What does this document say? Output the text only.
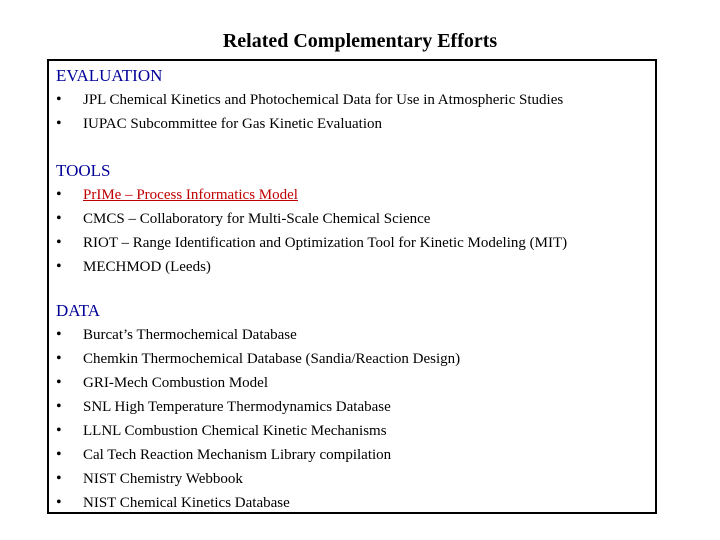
Related Complementary Efforts
EVALUATION
•	JPL Chemical Kinetics and Photochemical Data for Use in Atmospheric Studies
•	IUPAC Subcommittee for Gas Kinetic Evaluation
TOOLS
•	PrIMe – Process Informatics Model
•	CMCS – Collaboratory for Multi-Scale Chemical Science
•	RIOT – Range Identification and Optimization Tool for Kinetic Modeling (MIT)
•	MECHMOD (Leeds)
DATA
•	Burcat’s Thermochemical Database
•	Chemkin Thermochemical Database (Sandia/Reaction Design)
•	GRI-Mech Combustion Model
•	SNL High Temperature Thermodynamics Database
•	LLNL Combustion Chemical Kinetic Mechanisms
•	Cal Tech Reaction Mechanism Library compilation
•	NIST Chemistry Webbook
•	NIST Chemical Kinetics Database
